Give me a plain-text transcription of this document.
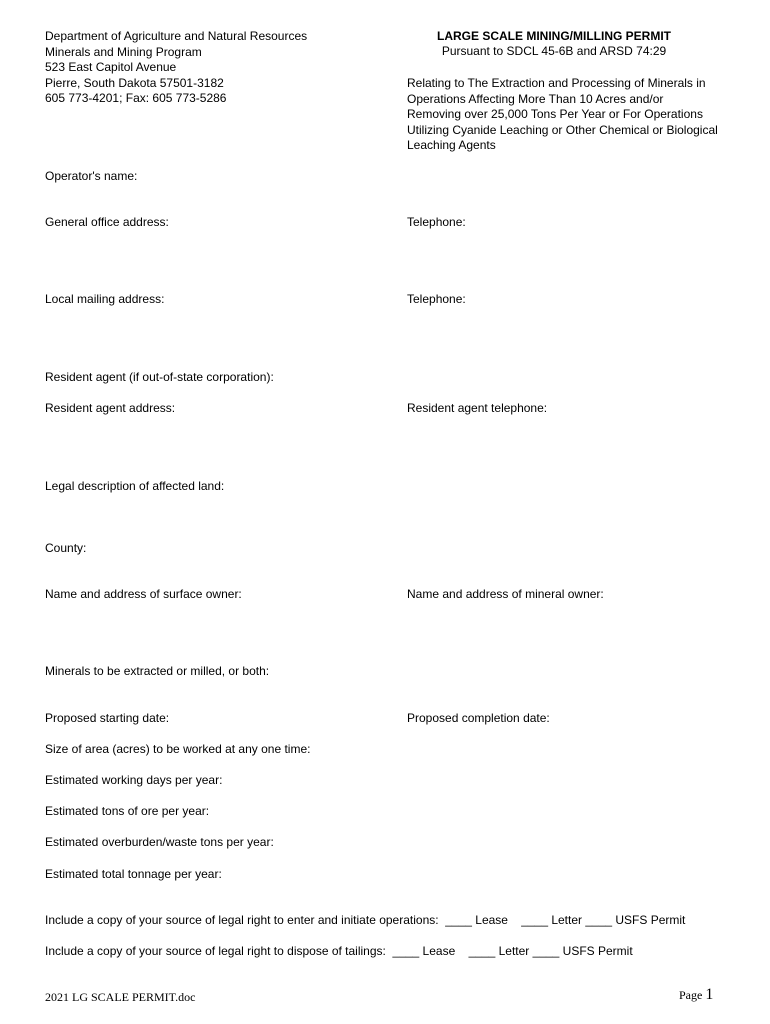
Department of Agriculture and Natural Resources
Minerals and Mining Program
523 East Capitol Avenue
Pierre, South Dakota 57501-3182
605 773-4201; Fax: 605 773-5286
LARGE SCALE MINING/MILLING PERMIT
Pursuant to SDCL 45-6B and ARSD 74:29
Relating to The Extraction and Processing of Minerals in
Operations Affecting More Than 10 Acres and/or
Removing over 25,000 Tons Per Year or For Operations
Utilizing Cyanide Leaching or Other Chemical or Biological
Leaching Agents
Operator's name:
General office address:	Telephone:
Local mailing address:	Telephone:
Resident agent (if out-of-state corporation):
Resident agent address:	Resident agent telephone:
Legal description of affected land:
County:
Name and address of surface owner:	Name and address of mineral owner:
Minerals to be extracted or milled, or both:
Proposed starting date:	Proposed completion date:
Size of area (acres) to be worked at any one time:
Estimated working days per year:
Estimated tons of ore per year:
Estimated overburden/waste tons per year:
Estimated total tonnage per year:
Include a copy of your source of legal right to enter and initiate operations:  ____ Lease    ____ Letter ____ USFS Permit
Include a copy of your source of legal right to dispose of tailings:  ____ Lease    ____ Letter ____ USFS Permit
2021 LG SCALE PERMIT.doc	Page 1
